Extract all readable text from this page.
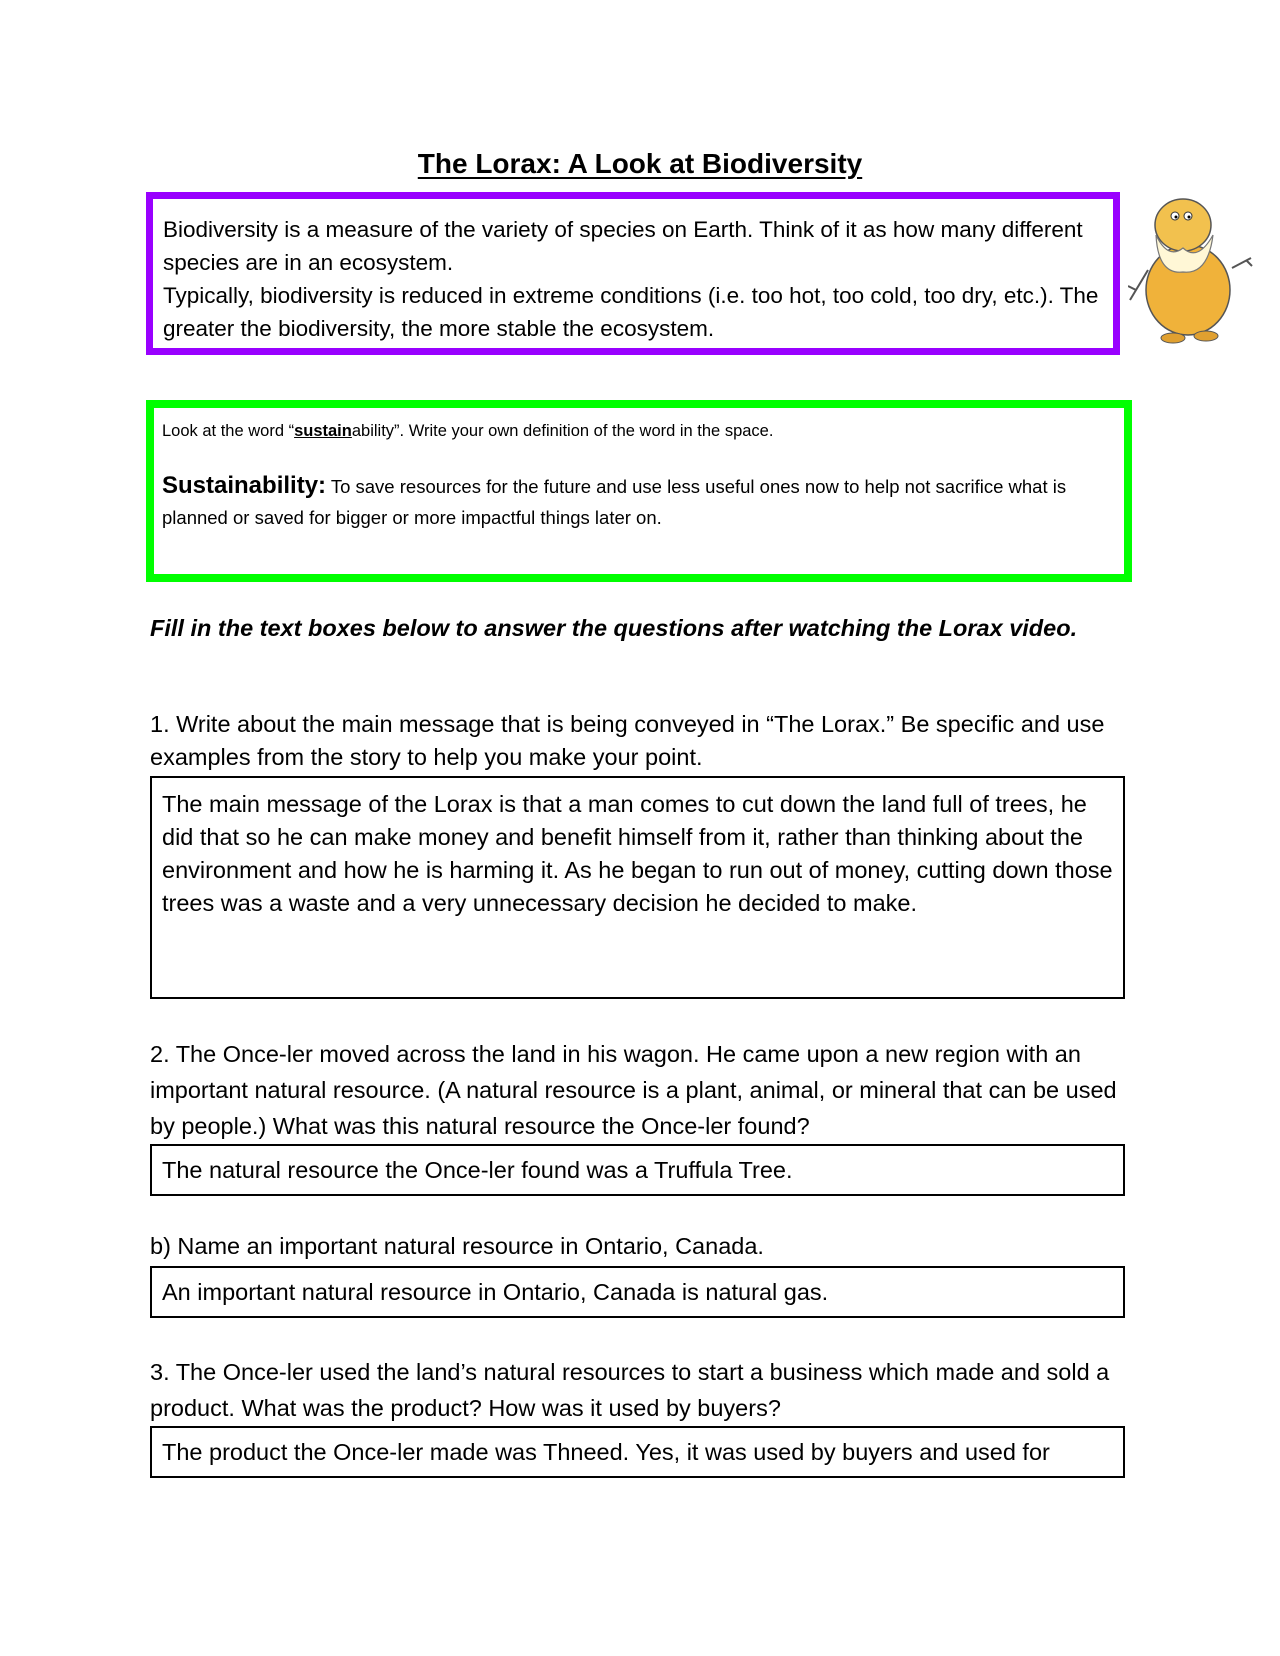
The Lorax: A Look at Biodiversity
Biodiversity is a measure of the variety of species on Earth. Think of it as how many different species are in an ecosystem.
Typically, biodiversity is reduced in extreme conditions (i.e. too hot, too cold, too dry, etc.). The greater the biodiversity, the more stable the ecosystem.
Look at the word “sustainability”. Write your own definition of the word in the space.
Sustainability: To save resources for the future and use less useful ones now to help not sacrifice what is planned or saved for bigger or more impactful things later on.
Fill in the text boxes below to answer the questions after watching the Lorax video.
1. Write about the main message that is being conveyed in “The Lorax.” Be specific and use examples from the story to help you make your point.
The main message of the Lorax is that a man comes to cut down the land full of trees, he did that so he can make money and benefit himself from it, rather than thinking about the environment and how he is harming it. As he began to run out of money, cutting down those trees was a waste and a very unnecessary decision he decided to make.
2. The Once-ler moved across the land in his wagon. He came upon a new region with an important natural resource. (A natural resource is a plant, animal, or mineral that can be used by people.) What was this natural resource the Once-ler found?
The natural resource the Once-ler found was a Truffula Tree.
b) Name an important natural resource in Ontario, Canada.
An important natural resource in Ontario, Canada is natural gas.
3. The Once-ler used the land’s natural resources to start a business which made and sold a product. What was the product? How was it used by buyers?
The product the Once-ler made was Thneed. Yes, it was used by buyers and used for
